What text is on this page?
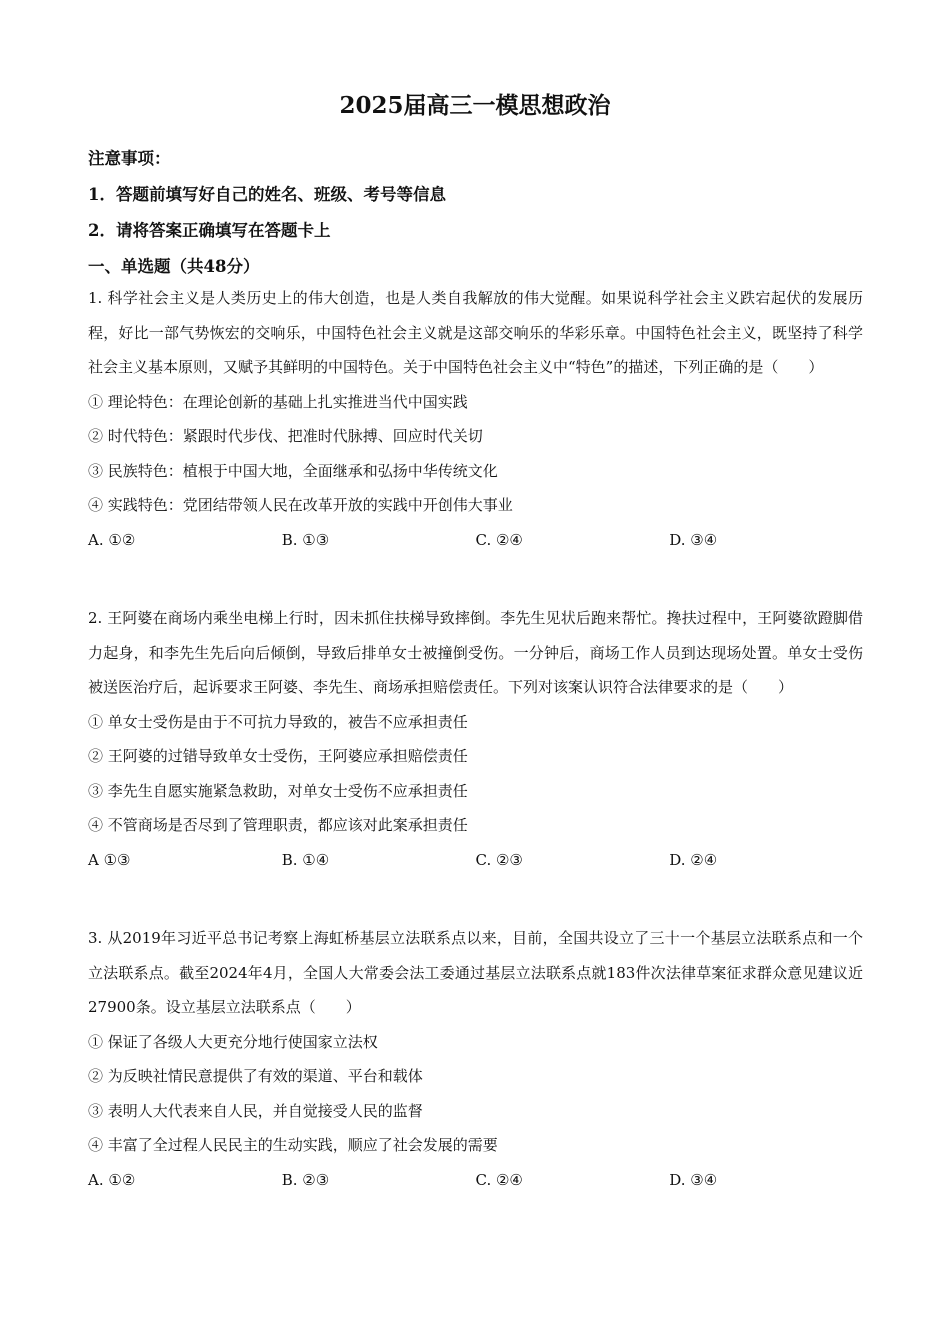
2025届高三一模思想政治
注意事项：
1．答题前填写好自己的姓名、班级、考号等信息
2．请将答案正确填写在答题卡上
一、单选题（共48分）

1. 科学社会主义是人类历史上的伟大创造，也是人类自我解放的伟大觉醒。如果说科学社会主义跌宕起伏的发展历程，好比一部气势恢宏的交响乐，中国特色社会主义就是这部交响乐的华彩乐章。中国特色社会主义，既坚持了科学社会主义基本原则，又赋予其鲜明的中国特色。关于中国特色社会主义中“特色”的描述，下列正确的是（　　）

① 理论特色：在理论创新的基础上扎实推进当代中国实践

② 时代特色：紧跟时代步伐、把准时代脉搏、回应时代关切

③ 民族特色：植根于中国大地，全面继承和弘扬中华传统文化

④ 实践特色：党团结带领人民在改革开放的实践中开创伟大事业

A. ①②	B. ①③	C. ②④	D. ③④

2. 王阿婆在商场内乘坐电梯上行时，因未抓住扶梯导致摔倒。李先生见状后跑来帮忙。搀扶过程中，王阿婆欲蹬脚借力起身，和李先生先后向后倾倒，导致后排单女士被撞倒受伤。一分钟后，商场工作人员到达现场处置。单女士受伤被送医治疗后，起诉要求王阿婆、李先生、商场承担赔偿责任。下列对该案认识符合法律要求的是（　　）

① 单女士受伤是由于不可抗力导致的，被告不应承担责任

② 王阿婆的过错导致单女士受伤，王阿婆应承担赔偿责任

③ 李先生自愿实施紧急救助，对单女士受伤不应承担责任

④ 不管商场是否尽到了管理职责，都应该对此案承担责任

A ①③	B. ①④	C. ②③	D. ②④

3. 从2019年习近平总书记考察上海虹桥基层立法联系点以来，目前，全国共设立了三十一个基层立法联系点和一个立法联系点。截至2024年4月，全国人大常委会法工委通过基层立法联系点就183件次法律草案征求群众意见建议近27900条。设立基层立法联系点（　　）

① 保证了各级人大更充分地行使国家立法权

② 为反映社情民意提供了有效的渠道、平台和载体

③ 表明人大代表来自人民，并自觉接受人民的监督

④ 丰富了全过程人民民主的生动实践，顺应了社会发展的需要

A. ①②	B. ②③	C. ②④	D. ③④
